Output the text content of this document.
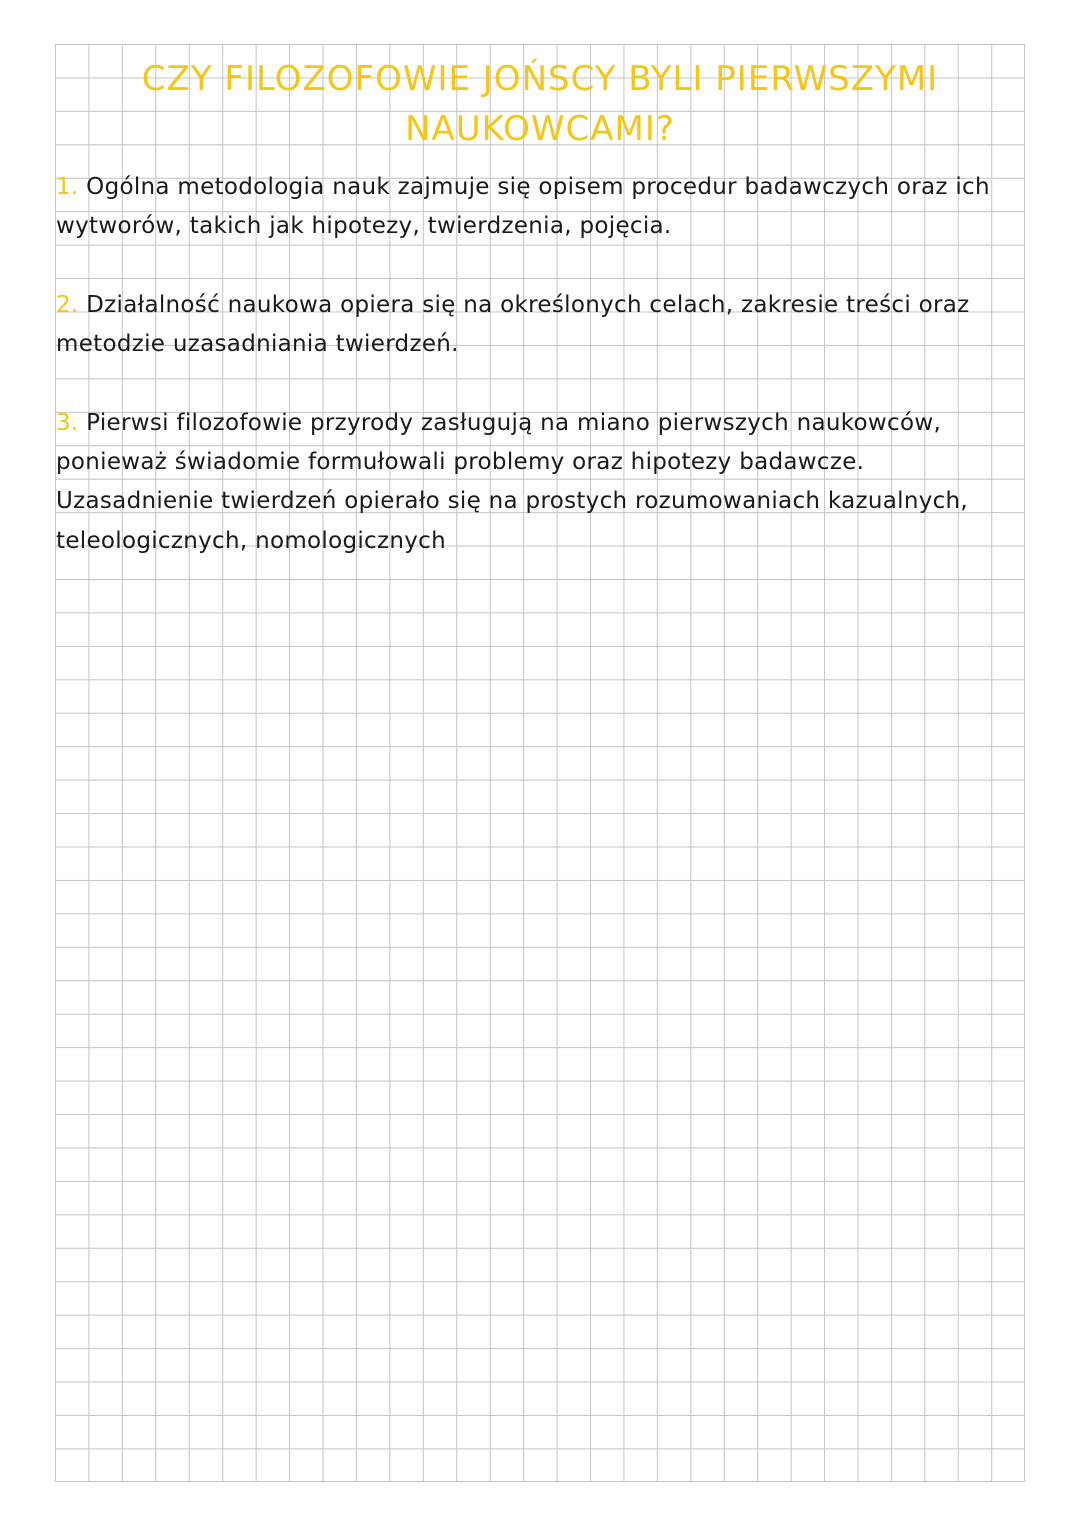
CZY FILOZOFOWIE JOŃSCY BYLI PIERWSZYMI NAUKOWCAMI?

1. Ogólna metodologia nauk zajmuje się opisem procedur badawczych oraz ich wytworów, takich jak hipotezy, twierdzenia, pojęcia.

2. Działalność naukowa opiera się na określonych celach, zakresie treści oraz metodzie uzasadniania twierdzeń.

3. Pierwsi filozofowie przyrody zasługują na miano pierwszych naukowców, ponieważ świadomie formułowali problemy oraz hipotezy badawcze. Uzasadnienie twierdzeń opierało się na prostych rozumowaniach kazualnych, teleologicznych, nomologicznych
